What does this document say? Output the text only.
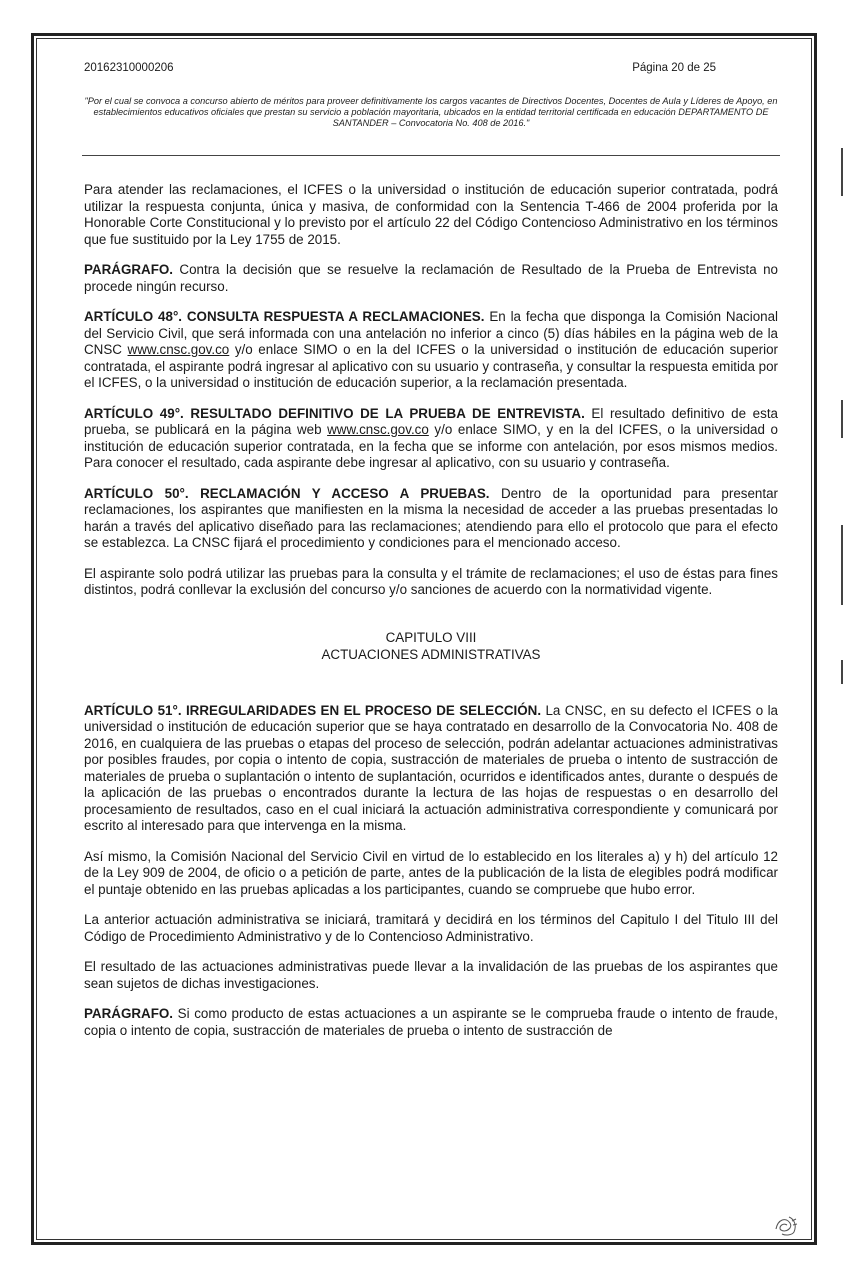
20162310000206	Página 20 de 25
"Por el cual se convoca a concurso abierto de méritos para proveer definitivamente los cargos vacantes de Directivos Docentes, Docentes de Aula y Líderes de Apoyo, en establecimientos educativos oficiales que prestan su servicio a población mayoritaria, ubicados en la entidad territorial certificada en educación DEPARTAMENTO DE SANTANDER – Convocatoria No. 408 de 2016."

Para atender las reclamaciones, el ICFES o la universidad o institución de educación superior contratada, podrá utilizar la respuesta conjunta, única y masiva, de conformidad con la Sentencia T-466 de 2004 proferida por la Honorable Corte Constitucional y lo previsto por el artículo 22 del Código Contencioso Administrativo en los términos que fue sustituido por la Ley 1755 de 2015.

PARÁGRAFO. Contra la decisión que se resuelve la reclamación de Resultado de la Prueba de Entrevista no procede ningún recurso.

ARTÍCULO 48°. CONSULTA RESPUESTA A RECLAMACIONES. En la fecha que disponga la Comisión Nacional del Servicio Civil, que será informada con una antelación no inferior a cinco (5) días hábiles en la página web de la CNSC www.cnsc.gov.co y/o enlace SIMO o en la del ICFES o la universidad o institución de educación superior contratada, el aspirante podrá ingresar al aplicativo con su usuario y contraseña, y consultar la respuesta emitida por el ICFES, o la universidad o institución de educación superior, a la reclamación presentada.

ARTÍCULO 49°. RESULTADO DEFINITIVO DE LA PRUEBA DE ENTREVISTA. El resultado definitivo de esta prueba, se publicará en la página web www.cnsc.gov.co y/o enlace SIMO, y en la del ICFES, o la universidad o institución de educación superior contratada, en la fecha que se informe con antelación, por esos mismos medios. Para conocer el resultado, cada aspirante debe ingresar al aplicativo, con su usuario y contraseña.

ARTÍCULO 50°. RECLAMACIÓN Y ACCESO A PRUEBAS. Dentro de la oportunidad para presentar reclamaciones, los aspirantes que manifiesten en la misma la necesidad de acceder a las pruebas presentadas lo harán a través del aplicativo diseñado para las reclamaciones; atendiendo para ello el protocolo que para el efecto se establezca. La CNSC fijará el procedimiento y condiciones para el mencionado acceso.

El aspirante solo podrá utilizar las pruebas para la consulta y el trámite de reclamaciones; el uso de éstas para fines distintos, podrá conllevar la exclusión del concurso y/o sanciones de acuerdo con la normatividad vigente.

CAPITULO VIII
ACTUACIONES ADMINISTRATIVAS

ARTÍCULO 51°. IRREGULARIDADES EN EL PROCESO DE SELECCIÓN. La CNSC, en su defecto el ICFES o la universidad o institución de educación superior que se haya contratado en desarrollo de la Convocatoria No. 408 de 2016, en cualquiera de las pruebas o etapas del proceso de selección, podrán adelantar actuaciones administrativas por posibles fraudes, por copia o intento de copia, sustracción de materiales de prueba o intento de sustracción de materiales de prueba o suplantación o intento de suplantación, ocurridos e identificados antes, durante o después de la aplicación de las pruebas o encontrados durante la lectura de las hojas de respuestas o en desarrollo del procesamiento de resultados, caso en el cual iniciará la actuación administrativa correspondiente y comunicará por escrito al interesado para que intervenga en la misma.

Así mismo, la Comisión Nacional del Servicio Civil en virtud de lo establecido en los literales a) y h) del artículo 12 de la Ley 909 de 2004, de oficio o a petición de parte, antes de la publicación de la lista de elegibles podrá modificar el puntaje obtenido en las pruebas aplicadas a los participantes, cuando se compruebe que hubo error.

La anterior actuación administrativa se iniciará, tramitará y decidirá en los términos del Capitulo I del Titulo III del Código de Procedimiento Administrativo y de lo Contencioso Administrativo.

El resultado de las actuaciones administrativas puede llevar a la invalidación de las pruebas de los aspirantes que sean sujetos de dichas investigaciones.

PARÁGRAFO. Si como producto de estas actuaciones a un aspirante se le comprueba fraude o intento de fraude, copia o intento de copia, sustracción de materiales de prueba o intento de sustracción de
